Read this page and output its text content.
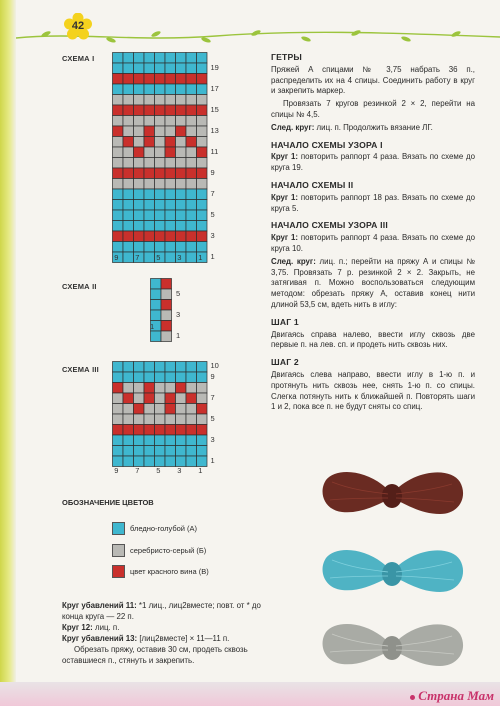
42
СХЕМА I
19
17
15
13
11
9
7
5
3
1
9 7 5 3 1
СХЕМА II
5
3
1
1
СХЕМА III	10
9
7
5
3
1
9 7 5 3 1
ОБОЗНАЧЕНИЕ ЦВЕТОВ
бледно-голубой (А)
серебристо-серый (Б)
цвет красного вина (В)
ГЕТРЫ

Пряжей А спицами № 3,75 набрать 36 п., распределить их на 4 спицы. Соединить работу в круг и закрепить маркер.

Провязать 7 кругов резинкой 2 × 2, перейти на спицы № 4,5.

След. круг: лиц. п. Продолжить вязание ЛГ.

НАЧАЛО СХЕМЫ УЗОРА I

Круг 1: повторить раппорт 4 раза. Вязать по схеме до круга 19.

НАЧАЛО СХЕМЫ II

Круг 1: повторить раппорт 18 раз. Вязать по схеме до круга 5.

НАЧАЛО СХЕМЫ УЗОРА III

Круг 1: повторить раппорт 4 раза. Вязать по схеме до круга 10.

След. круг: лиц. п.; перейти на пряжу А и спицы № 3,75. Провязать 7 р. резинкой 2 × 2. Закрыть, не затягивая п. Можно воспользоваться следующим методом: обрезать пряжу А, оставив конец нити длиной 53,5 см, вдеть нить в иглу:

ШАГ 1

Двигаясь справа налево, ввести иглу сквозь две первые п. на лев. сп. и продеть нить сквозь них.

ШАГ 2

Двигаясь слева направо, ввести иглу в 1-ю п. и протянуть нить сквозь нее, снять 1-ю п. со спицы. Слегка потянуть нить к ближайшей п. Повторять шаги 1 и 2, пока все п. не будут сняты со спиц.

Круг убавлений 11: *1 лиц., лиц2вместе; повт. от * до конца круга — 22 п.

Круг 12: лиц. п.

Круг убавлений 13: [лиц2вместе] × 11—11 п.

Обрезать пряжу, оставив 30 см, продеть сквозь оставшиеся п., стянуть и закрепить.

Страна Мам
